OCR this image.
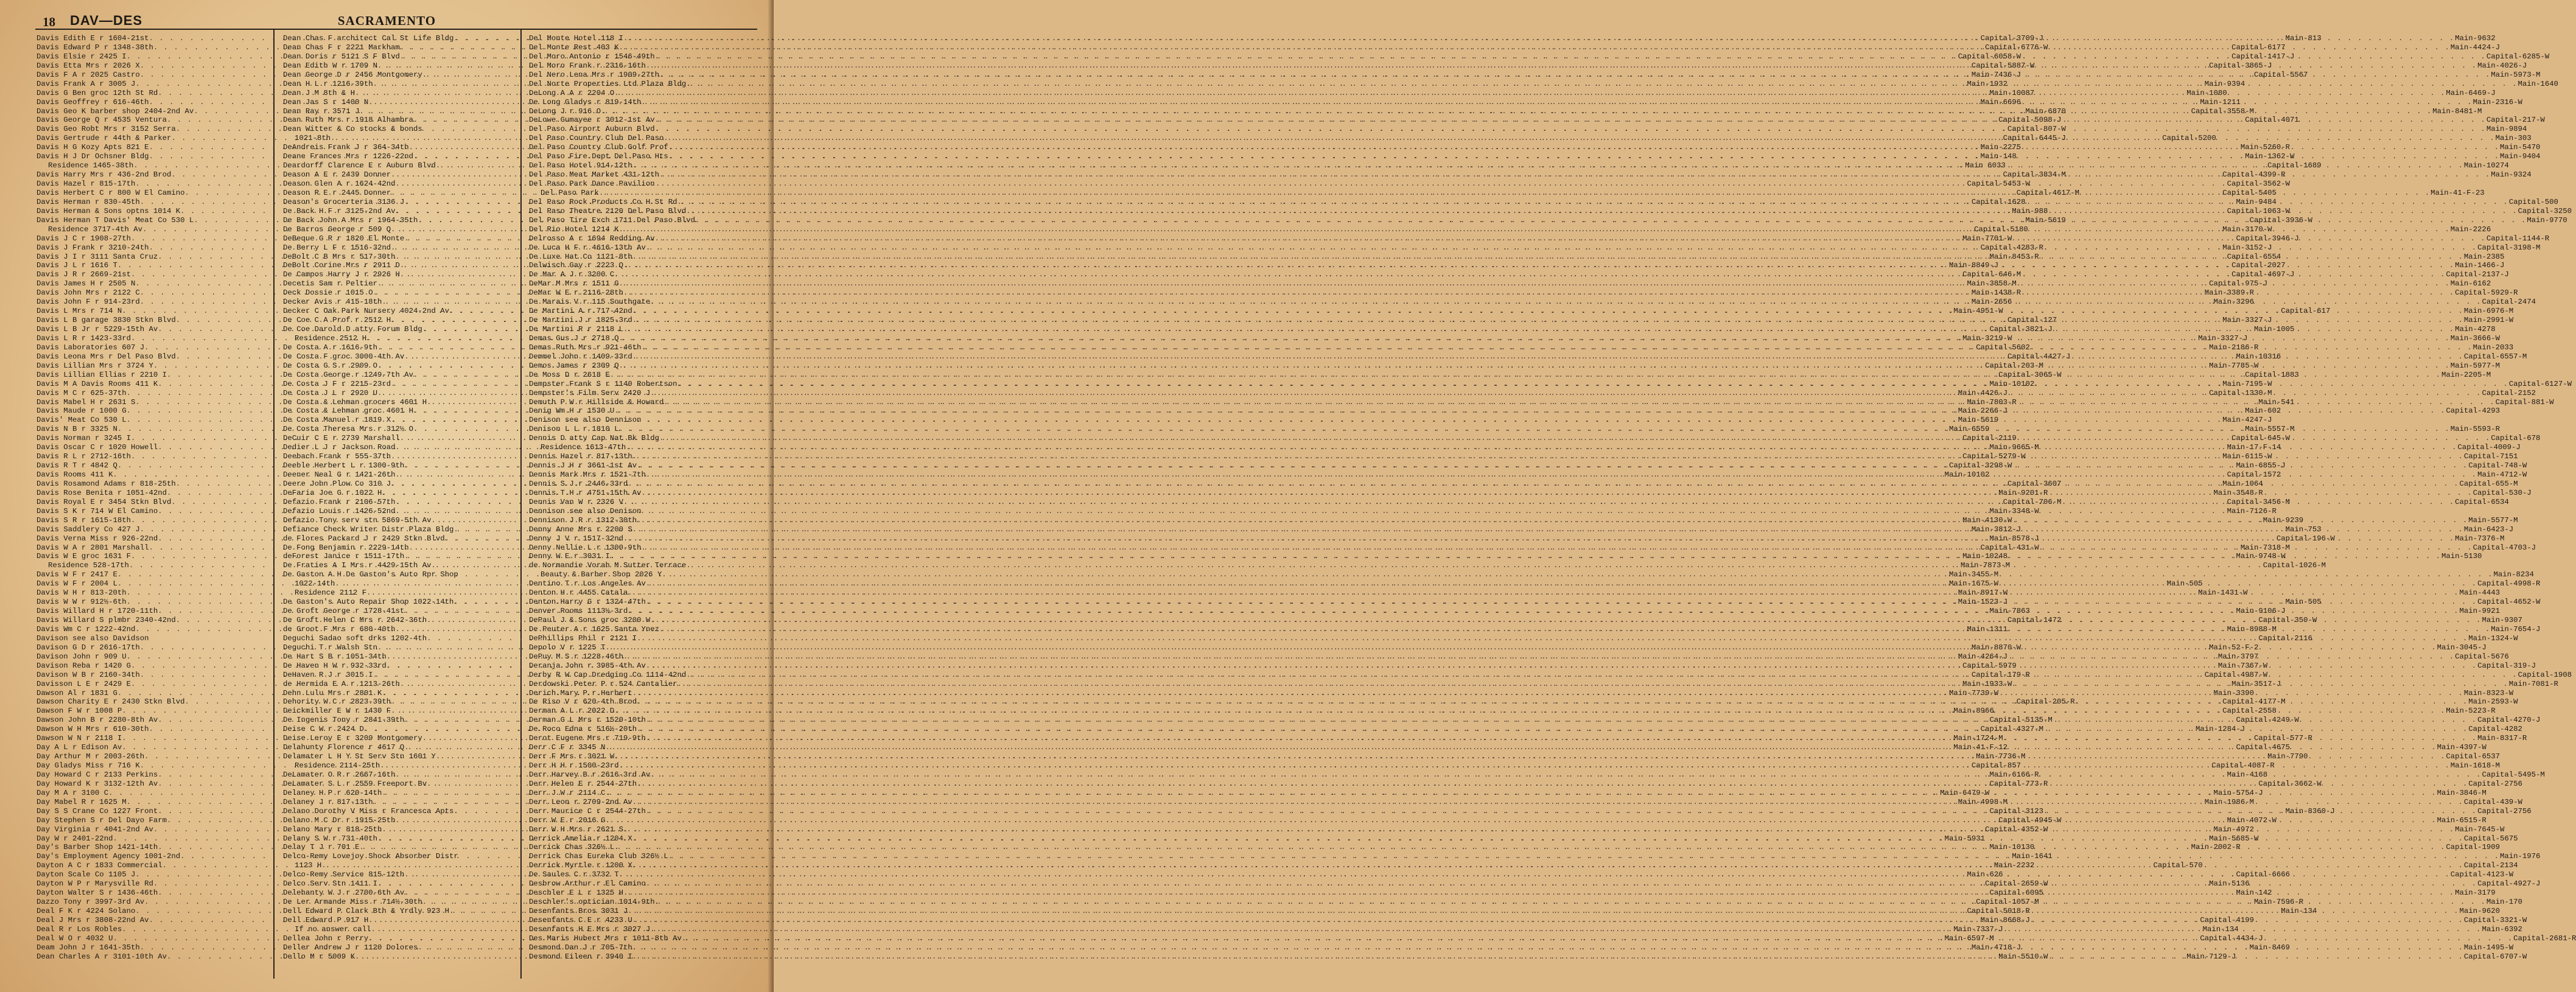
18 DAV—DES	SACRAMENTO
Davis Edith E r 1604-21st . . .	Capital-3709-J
Davis Edward P r 1348-38th . . .	Capital-6776-W
Davis Elsie r 2425 I . . .	Capital-6058-W
Davis Etta Mrs r 2026 X . . .	Capital-5887-W
Davis F A r 2025 Castro . . .	Main-7436-J
Davis Frank A r 3005 J . . .	Main-1932
Davis G Ben groc 12th St Rd . . .	Main-10087
Davis Geoffrey r 616-46th . . .	Main-6696
Davis Geo K barber shop 2404-2nd Av . . .	Main-6870
Davis George Q r 4535 Ventura . . .	Capital-5098-J
Davis Geo Robt Mrs r 3152 Serra . . .	Capital-807-W
Davis Gertrude r 44th & Parker . . .	Capital-6445-J
Davis H G Kozy Apts 821 E . . .	Main-2275
Davis H J Dr Ochsner Bldg . . .	Main-148
Residence 1465-38th . . .	Main 6033
Davis Harry Mrs r 436-2nd Brod . . .	Capital-3834-M
Davis Hazel r 815-17th . . .	Capital-5453-W
Davis Herbert C r 800 W El Camino . . .	Capital-4617-M
Davis Herman r 830-45th . . .	Capital-1628
Davis Herman & Sons optns 1014 K . . .	Main-988
Davis Herman T Davis' Meat Co 530 L . . .	Main-5619
Residence 3717-4th Av . . .	Capital-5180
Davis J C r 1908-27th . . .	Main-7701-W
Davis J Frank r 3210-24th . . .	Capital-4283-R
Davis J I r 3111 Santa Cruz . . .	Main-8453-R
Davis J L r 1616 T . . .	Main-8849-J
Davis J R r 2669-21st . . .	Capital-646-M
Davis James H r 2505 N . . .	Main-3858-M
Davis John Mrs r 2122 C . . .	Main-1438-R
Davis John F r 914-23rd . . .	Main-2656
Davis L Mrs r 714 N . . .	Main-4951-W
Davis L B garage 3830 Stkn Blvd . . .	Capital-127
Davis L B Jr r 5229-15th Av . . .	Capital-3821-J
Davis L R r 1423-33rd . . .	Main-3219-W
Davis Laboratories 607 J . . .	Capital-5602
Davis Leona Mrs r Del Paso Blvd . . .	Capital-4427-J
Davis Lillian Mrs r 3724 Y . . .	Capital-203-M
Davis Lillian Ellias r 2210 I . . .	Capital-3065-W
Davis M A Davis Rooms 411 K . . .	Main-10102
Davis M C r 625-37th . . .	Main-4426-J
Davis Mabel H r 2631 S . . .	Main-7803-R
Davis Maude r 1000 G . . .	Main-2266-J
Davis' Meat Co 530 L . . .	Main-5619
Davis N B r 3325 N . . .	Main-6559
Davis Norman r 3245 I . . .	Capital-2119
Davis Oscar C r 1020 Howell . . .	Main-9665-M
Davis R L r 2712-16th . . .	Capital-5279-W
Davis R T r 4842 Q . . .	Capital-3298-W
Davis Rooms 411 K . . .	Main-10102
Davis Rosamond Adams r 818-25th . . .	Capital-3607
Davis Rose Benita r 1051-42nd . . .	Main-9201-R
Davis Royal E r 3454 Stkn Blvd . . .	Capital-706-M
Davis S K r 714 W El Camino . . .	Main-3348-W
Davis S R r 1615-18th . . .	Main-4130-W
Davis Saddlery Co 427 J . . .	Main-3812-J
Davis Verna Miss r 926-22nd . . .	Main-8578-J
Davis W A r 2801 Marshall . . .	Capital-431-W
Davis W E groc 1631 F . . .	Main-10248
Residence 528-17th . . .	Main-7873-M
Davis W F r 2417 E . . .	Main-3455-M
Davis W F r 2004 L . . .	Main-1675-W
Davis W H r 813-20th . . .	Main-8917-W
Davis W W r 912½-6th . . .	Main-1523-J
Davis Willard H r 1720-11th . . .	Main-7863
Davis Willard S plmbr 2340-42nd . . .	Capital-1472
Davis Wm C r 1222-42nd . . .	Main-1311
Davison see also Davidson
Davison G D r 2616-17th . . .	Main-8870-W
Davison John r 909 U . . .	Main-4264-J
Davison Reba r 1420 G . . .	Capital-5979
Davison W B r 2160-34th . . .	Capital-179-R
Davisson L E r 2429 E . . .	Main-1933-W
Dawson Al r 1831 G . . .	Main-7739-W
Dawson Charity E r 2430 Stkn Blvd . . .	Capital-205-R
Dawson F W r 1008 P . . .	Main-8966
Dawson John B r 2280-8th Av . . .	Capital-5135-M
Dawson W H Mrs r 610-30th . . .	Capital-4327-M
Dawson W N r 2118 I . . .	Main-1724-M
Day A L r Edison Av . . .	Main-41-F-12
Day Arthur M r 2003-26th . . .	Main-7736-M
Day Gladys Miss r 716 K . . .	Capital-857
Day Howard C r 2133 Perkins . . .	Main-6166-R
Day Howard K r 3132-12th Av . . .	Capital-773-R
Day M A r 3100 C . . .	Main-6479-W
Day Mabel R r 1625 M . . .	Main-4998-M
Day S S Crane Co 1227 Front . . .	Capital-3123
Day Stephen S r Del Dayo Farm . . .	Capital-4945-W
Day Virginia r 4041-2nd Av . . .	Capital-4352-W
Day W r 2401-22nd . . .	Main-5931
Day's Barber Shop 1421-14th . . .	Main-10130
Day's Employment Agency 1001-2nd . . .	Main-1641
Dayton A C r 1833 Commercial . . .	Main-2232
Dayton Scale Co 1105 J . . .	Main-626
Dayton W P r Marysville Rd . . .	Capital-2659-W
Dayton Walter S r 1436-46th . . .	Capital-6095
Dazzo Tony r 3997-3rd Av . . .	Capital-1057-M
Deal F K r 4224 Solano . . .	Capital-5018-R
Deal J Mrs r 3808-22nd Av . . .	Main-8668-J
Deal R r Los Robles . . .	Main-7337-J
Deal W O r 4032 U . . .	Main-6597-M
Deam John J r 1641-35th . . .	Main-4718-J
Dean Charles A r 3101-10th Av . . .	Main-5510-W
Dean Chas F architect Cal St Life Bldg . . .	Main-813
Dean Chas F r 2221 Markham . . .	Capital-6177
Dean Doris r 5121 S F Blvd . . .	Capital-1417-J
Dean Edith W r 1709 N . . .	Capital-3865-J
Dean George D r 2456 Montgomery . . .	Capital-5567
Dean H L r 1216-39th . . .	Main-9394
Dean J M 8th & H . . .	Main-1080
Dean Jas S r 1400 N . . .	Main-1211
Dean Ray r 3571 J . . .	Capital-3558-M
Dean Ruth Mrs r 1918 Alhambra . . .	Capital-4071
Dean Witter & Co stocks & bonds
1021-8th . . .	Capital-5200
DeAndreis Frank J r 364-34th . . .	Main-5260-R
Deane Frances Mrs r 1226-22nd . . .	Main-1362-W
Deardorff Clarence E r Auburn Blvd . . .	Capital-1689
Deason A E r 2439 Donner . . .	Capital-4399-R
Deason Glen A r 1624-42nd . . .	Capital-3562-W
Deason R E r 2445 Donner . . .	Capital-5405
Deason's Grocerteria 3136 J . . .	Main-9484
De Back H F r 3125-2nd Av . . .	Capital-1063-W
De Back John A Mrs r 1964-35th . . .	Capital-3936-W
De Barros George r 509 Q . . .	Main-3170-W
DeBeque G R r 1820 El Monte . . .	Capital-3946-J
De Berry L F r 1516-32nd . . .	Main-3152-J
DeBolt C B Mrs r 517-30th . . .	Capital-6554
DeBolt Corine Mrs r 2911 D . . .	Capital-2027
De Campos Harry J r 2926 H . . .	Capital-4697-J
Decetis Sam r Peltier . . .	Capital-975-J
Deck Dossie r 1015 O . . .	Main-3389-R
Decker Avis r 415-18th . . .	Main-3296
Decker C Oak Park Nursery 4024-2nd Av . . .	Capital-617
De Coe C A Prof r 2512 H . . .	Main-3327-J
De Coe Darold D atty Forum Bldg . . .	Main-1005
Residence 2512 H . . .	Main-3327-J
De Costa A r 1616-9th . . .	Main-2186-R
De Costa F groc 3000-4th Av . . .	Main-10316
De Costa G S r 2909 O . . .	Main-7785-W
De Costa George r 1249-7th Av . . .	Capital-1883
De Costa J F r 2215-23rd . . .	Main-7195-W
De Costa J L r 2920 U . . .	Capital-1330-M
De Costa & Lehman grocers 4601 H . . .	Main-541
De Costa & Lehman groc 4601 H . . .	Main-602
De Costa Manuel r 1819 X . . .	Main-4247-J
De Costa Theresa Mrs r 312½ O . . .	Main-5557-M
DeCuir C E r 2739 Marshall . . .	Capital-645-W
Dedier L J r Jackson Road . . .	Main-17-F-14
Deebach Frank r 555-37th . . .	Main-6115-W
Deeble Herbert L r 1300-9th . . .	Main-6855-J
Deener Neal G r 1421-26th . . .	Capital-1572
Deere John Plow Co 310 J . . .	Main-1064
DeFaria Joe G r 1022 H . . .	Main-3548-R
Defazio Frank r 2106-57th . . .	Capital-3456-M
Defazio Louis r 1426-52nd . . .	Main-7126-R
Defazio Tony serv stn 5869-5th Av . . .	Main-9239
Defiance Check Writer Distr Plaza Bldg . . .	Main-753
de Flores Packard J r 2429 Stkn Blvd . . .	Capital-196-W
De Fong Benjamin r 2229-14th . . .	Main-7318-M
deForest Janice r 1511-17th . . .	Main-9748-W
De Fraties A I Mrs r 4429-15th Av . . .	Capital-1026-M
De Gaston A H De Gaston's Auto Rpr Shop
1022-14th . . .	Main-505
Residence 2112 F . . .	Main-1431-W
De Gaston's Auto Repair Shop 1022-14th . . .	Main-505
De Groft George r 1728-41st . . .	Main-9106-J
De Groft Helen C Mrs r 2642-36th . . .	Capital-350-W
de Groot F Mrs r 680-40th . . .	Main-8988-M
Deguchi Sadao soft drks 1202-4th . . .	Capital-2116
Deguchi T r Walsh Stn . . .	Main-52-F-2
De Hart S B r 1051-34th . . .	Main-3797
De Haven H W r 932-33rd . . .	Main-7367-W
DeHaven R J r 3015 I . . .	Capital-4987-W
de Hermida E A r 1213-26th . . .	Main-3517-J
Dehn Lulu Mrs r 2801 K . . .	Main-3390
Dehority W C r 2823-39th . . .	Capital-4177-M
Deickmiller E W r 1430 F . . .	Capital-2558
De Ingenis Tony r 2841-39th . . .	Capital-4249-W
Deise C W r 2424 D . . .	Main-1284-J
Deise Leroy E r 3209 Montgomery . . .	Capital-577-R
Delahunty Florence r 4617 Q . . .	Capital-4675
Delamater L H Y St Serv Stn 1601 Y . . .	Main-7790
Residence 2114-25th . . .	Capital-4087-R
DeLamater O R r 2667-16th . . .	Main-4168
DeLamater S L r 2559 Freeport Bv . . .	Capital-3662-W
Delaney H P r 620-14th . . .	Main-5754-J
Delaney J r 817-13th . . .	Main-1986-M
Delano Dorothy V Miss r Francesca Apts . . .	Main-8360-J
Delano M C Dr r 1915-25th . . .	Main-4072-W
Delano Mary r 818-25th . . .	Main-4972
Delany S W r 731-40th . . .	Main-5685-W
Delay T J r 701 E . . .	Main-2002-R
Delco-Remy Lovejoy Shock Absorber Distr
1123 H . . .	Capital-570
Delco-Remy Service 815-12th . . .	Capital-6666
Delco Serv Stn 1411 I . . .	Main-5136
Delehanty W J r 2700-6th Av . . .	Main-142
De Ler Armande Miss r 714½-30th . . .	Main-7596-R
Dell Edward P Clark Bth & Yrdly 923 H . . .	Main-134
Dell Edward P 917 H . . .	Capital-4199
If no answer call . . .	Main-134
Dellea John r Perry . . .	Capital-4434-J
Deller Andrew J r 1120 Dolores . . .	Main-8469
Dello M r 5009 K . . .	Main-7129-J
Del Monte Hotel 118 I . . .	Main-9632
Del Monte Rest 403 K . . .	Main-4424-J
Del Moro Antonio r 1546-49th . . .	Capital-6285-W
Del Moro Frank r 2316-16th . . .	Main-4026-J
Del Nero Lena Mrs r 1909-27th . . .	Main-5973-M
Del Norte Properties Ltd Plaza Bldg . . .	Main-1640
DeLong A A r 2204 O . . .	Main-6469-J
De Long Gladys r 819-14th . . .	Main-2316-W
DeLong J r 916 O . . .	Main-8481-M
DeLowe Gumayee r 3012-1st Av . . .	Capital-217-W
Del Paso Airport Auburn Blvd . . .	Main-9894
Del Paso Country Club Del Paso . . .	Main-303
Del Paso Country Club Golf Prof . . .	Main-5470
Del Paso Fire Dept Del Paso Hts . . .	Main-9404
Del Paso Hotel 914-12th . . .	Main-10274
Del Paso Meat Market 431-12th . . .	Main-9324
Del Paso Park Dance Pavilion
Del Paso Park . . .	Main-41-F-23
Del Paso Rock Products Co H St Rd . . .	Capital-500
Del Paso Theatre 2120 Del Paso Blvd . . .	Capital-3250
Del Paso Tire Exch 1711 Del Paso Blvd . . .	Main-9770
Del Rio Hotel 1214 K . . .	Main-2226
Delrosso A r 1694 Redding Av . . .	Capital-1144-R
De Luca H F r 4616-13th Av . . .	Capital-3198-M
De Luxe Hat Co 1121-8th . . .	Main-2385
Delwisch Gay r 2223 Q . . .	Main-1466-J
De Mar A J r 3200 C . . .	Capital-2137-J
DeMar M Mrs r 1511 G . . .	Main-6162
DeMar W E r 2116-28th . . .	Capital-5929-R
De Marais V r 115 Southgate . . .	Capital-2474
De Martini A r 717-42nd . . .	Main-6976-M
De Martini J r 1825-3rd . . .	Main-2991-W
De Martini R r 2118 L . . .	Main-4278
Demas Gus J r 2718 Q . . .	Main-3666-W
Demas Ruth Mrs r 921-46th . . .	Main-2033
Demmel John r 1409-33rd . . .	Capital-6557-M
Demos James r 2309 Q . . .	Main-5977-M
De Moss D r 2618 E . . .	Main-2205-M
Dempster Frank S r 1140 Robertson . . .	Capital-6127-W
Dempster's Film Serv 2420 J . . .	Capital-2152
Demuth P W r Hillside & Howard . . .	Capital-881-W
Denig Wm H r 1530 U . . .	Capital-4293
Denison see also Dennison
Denison L L r 1810 L . . .	Main-5593-R
Dennis D atty Cap Nat Bk Bldg . . .	Capital-678
Residence 1613-47th . . .	Capital-4009-J
Dennis Hazel r 817-13th . . .	Capital-7151
Dennis J H r 3661-1st Av . . .	Capital-748-W
Dennis Mark Mrs r 1521-7th . . .	Main-4712-W
Dennis S J r 2446-33rd . . .	Capital-655-M
Dennis T H r 4751-15th Av . . .	Capital-530-J
Dennis Van W r 2326 V . . .	Capital-6534
Dennison see also Denison
Dennison J R r 1312-30th . . .	Main-5577-M
Denny Anne Mrs r 2200 S . . .	Main-6423-J
Denny J V r 1517-32nd . . .	Main-7376-M
Denny Nellie L r 1300-9th . . .	Capital-4703-J
Denny W E r 3031 I . . .	Main-5130
de Normandie Vorah M Sutter Terrace
Beauty & Barber Shop 2026 Y . . .	Main-8234
Dentino T r Los Angeles Av . . .	Capital-4998-R
Denton H r 4455 Catala . . .	Main-4443
Denton Harry G r 1324-47th . . .	Capital-4652-W
Denver Rooms 1113½-3rd . . .	Main-9921
DePaul J & Sons groc 3200 W . . .	Main-9307
De Peuter A r 1625 Santa Ynez . . .	Main-7654-J
DePhillips Phil r 2121 I . . .	Main-1324-W
Depolo V r 1225 T . . .	Main-3045-J
DePuy M S r 1228-46th . . .	Capital-5676
Deranja John r 3985-4th Av . . .	Capital-319-J
Derby R W Cap Dredging Co 1114-42nd . . .	Capital-1908
Derdowski Peter P r 524 Cantalier . . .	Main-7081-R
Derich Mary P r Herbert . . .	Main-8323-W
De Riso V r 620-4th Brod . . .	Main-2593-W
Derman A L r 2022 D . . .	Main-5223-R
Derman G L Mrs r 1520-10th . . .	Capital-4270-J
De Roco Edna r 516½-20th . . .	Capital-4282
Derot Eugene Mrs r 719-9th . . .	Main-8317-R
Derr C F r 3345 N . . .	Main-4397-W
Derr F Mrs r 3021 W . . .	Capital-6537
Derr H H r 1500-23rd . . .	Main-1618-M
Derr Harvey B r 2616-3rd Av . . .	Capital-5495-M
Derr Helen E r 2544-27th . . .	Capital-2756
Derr J W r 2114 C . . .	Main-3846-M
Derr Leon r 2709-2nd Av . . .	Capital-439-W
Derr Maurice C r 2544-27th . . .	Capital-2756
Derr W E r 2016 G . . .	Main-6515-R
Derr W H Mrs r 2621 S . . .	Main-7645-W
Derrick Amelia r 1204 X . . .	Capital-5675
Derrick Chas 326½ L . . .	Capital-1909
Derrick Chas Eureka Club 326½ L . . .	Main-1976
Derrick Myrtle r 1200 X . . .	Capital-2134
De Saules C r 3732 T . . .	Capital-4123-W
Desbrow Arthur r El Camino . . .	Capital-4927-J
Deschler E L r 1325 H . . .	Main-3179
Deschler's optician 1014-9th . . .	Main-170
Desenfants Bros 3031 J . . .	Main-9620
Desenfants C E r 4233 U . . .	Capital-3321-W
Desenfants H E Mrs r 3027 J . . .	Main-6392
Des Maris Hubert Mrs r 1011-8th Av . . .	Capital-2681-R
Desmond Dan J r 705-7th . . .	Main-1495-W
Desmond Eileen r 3940 I . . .	Capital-6707-W
